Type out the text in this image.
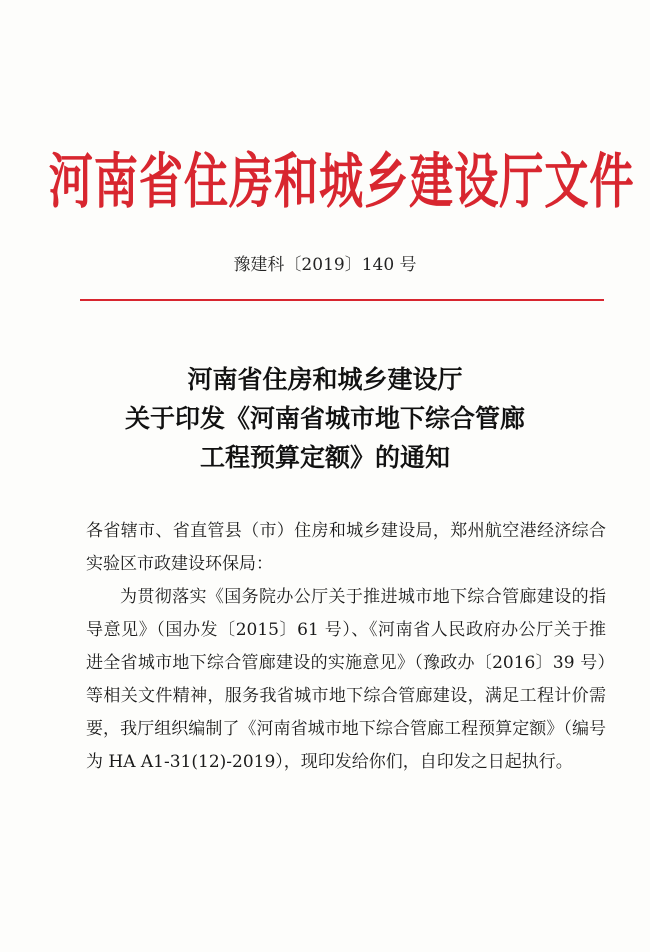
河南省住房和城乡建设厅文件
豫建科〔2019〕140 号
河南省住房和城乡建设厅
关于印发《河南省城市地下综合管廊
工程预算定额》的通知

各省辖市、省直管县（市）住房和城乡建设局，郑州航空港经济综合实验区市政建设环保局：

为贯彻落实《国务院办公厅关于推进城市地下综合管廊建设的指导意见》（国办发〔2015〕61 号）、《河南省人民政府办公厅关于推进全省城市地下综合管廊建设的实施意见》（豫政办〔2016〕39 号）等相关文件精神，服务我省城市地下综合管廊建设，满足工程计价需要，我厅组织编制了《河南省城市地下综合管廊工程预算定额》（编号为 HA A1-31(12)-2019），现印发给你们，自印发之日起执行。
